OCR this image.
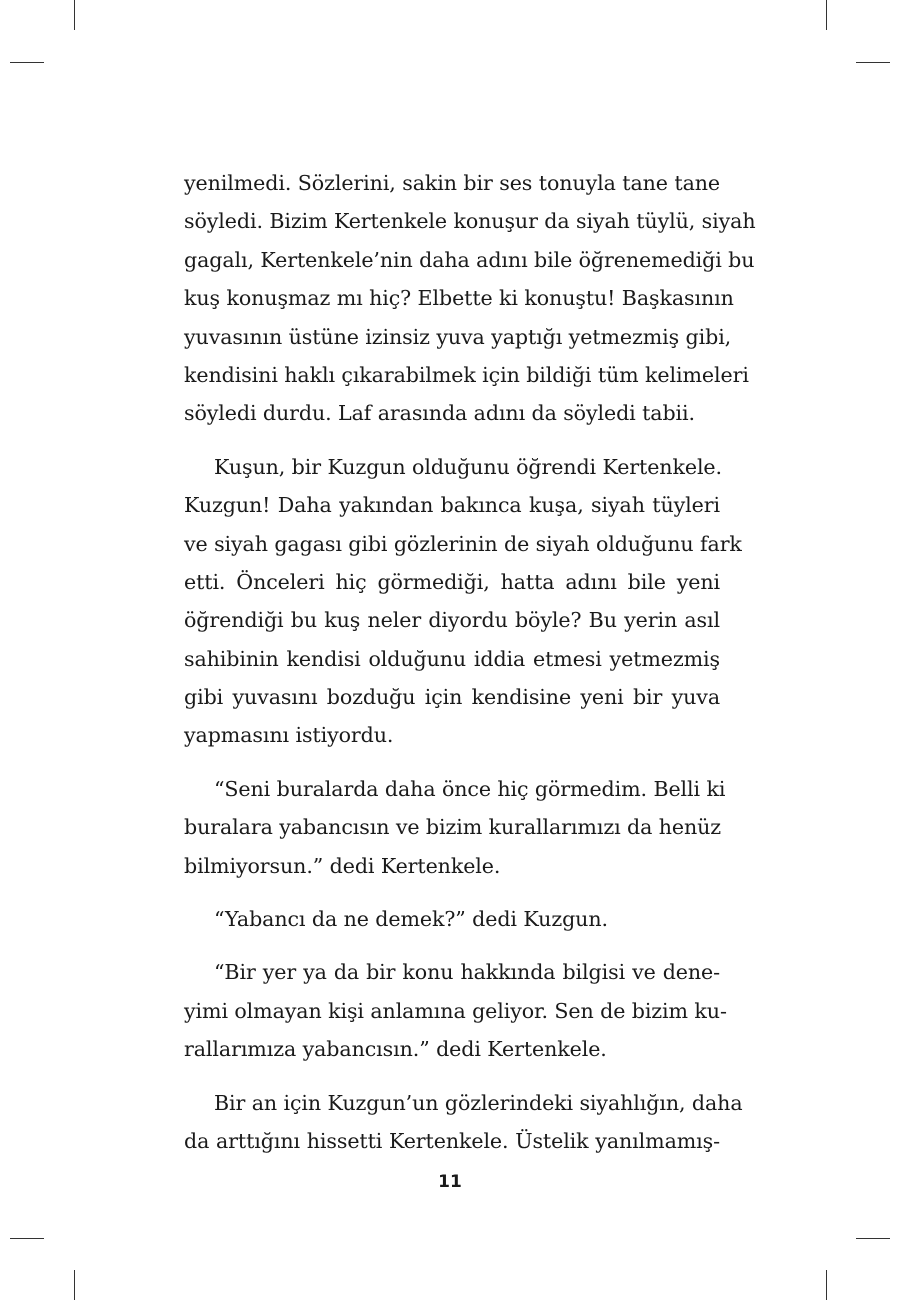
yenilmedi. Sözlerini, sakin bir ses tonuyla tane tane
söyledi. Bizim Kertenkele konuşur da siyah tüylü, siyah
gagalı, Kertenkele’nin daha adını bile öğrenemediği bu
kuş konuşmaz mı hiç? Elbette ki konuştu! Başkasının
yuvasının üstüne izinsiz yuva yaptığı yetmezmiş gibi,
kendisini haklı çıkarabilmek için bildiği tüm kelimeleri
söyledi durdu. Laf arasında adını da söyledi tabii.
Kuşun, bir Kuzgun olduğunu öğrendi Kertenkele.
Kuzgun! Daha yakından bakınca kuşa, siyah tüyleri
ve siyah gagası gibi gözlerinin de siyah olduğunu fark
etti. Önceleri hiç görmediği, hatta adını bile yeni
öğrendiği bu kuş neler diyordu böyle? Bu yerin asıl
sahibinin kendisi olduğunu iddia etmesi yetmezmiş
gibi yuvasını bozduğu için kendisine yeni bir yuva
yapmasını istiyordu.
“Seni buralarda daha önce hiç görmedim. Belli ki
buralara yabancısın ve bizim kurallarımızı da henüz
bilmiyorsun.” dedi Kertenkele.
“Yabancı da ne demek?” dedi Kuzgun.
“Bir yer ya da bir konu hakkında bilgisi ve dene-
yimi olmayan kişi anlamına geliyor. Sen de bizim ku-
rallarımıza yabancısın.” dedi Kertenkele.
Bir an için Kuzgun’un gözlerindeki siyahlığın, daha
da arttığını hissetti Kertenkele. Üstelik yanılmamış-
11
